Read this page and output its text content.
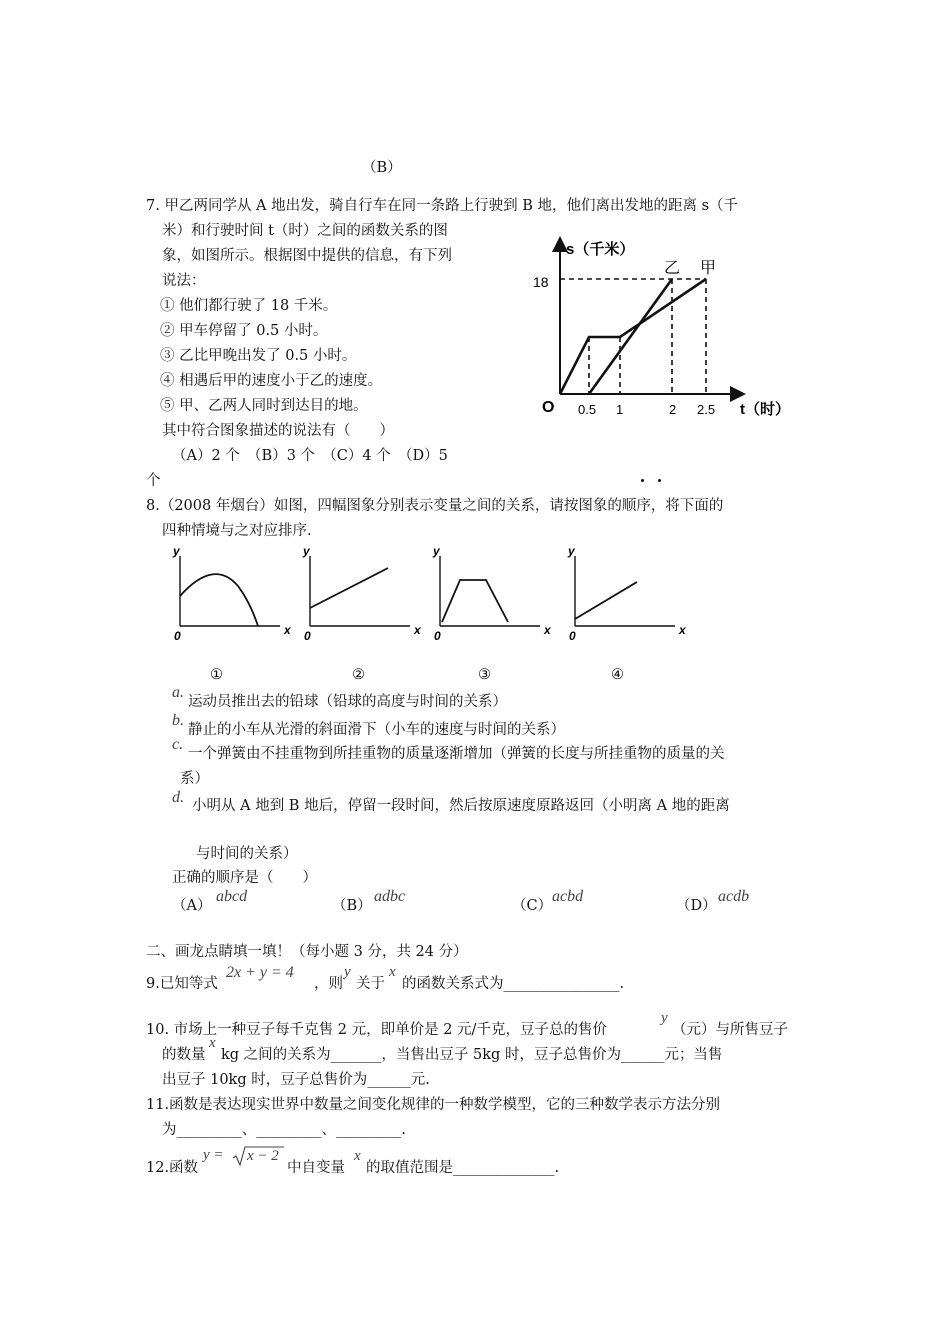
（B）
7. 甲乙两同学从 A 地出发，骑自行车在同一条路上行驶到 B 地，他们离出发地的距离 s（千
米）和行驶时间 t（时）之间的函数关系的图
象，如图所示。根据图中提供的信息，有下列
说法：
① 他们都行驶了 18 千米。
② 甲车停留了 0.5 小时。
③ 乙比甲晚出发了 0.5 小时。
④ 相遇后甲的速度小于乙的速度。
⑤ 甲、乙两人同时到达目的地。
其中符合图象描述的说法有（　　）
（A）2 个　（B）3 个　（C）4 个　（D）5
个
s（千米）
t（时）
O
18
0.5 1	2 2.5
乙 甲
8.（2008 年烟台）如图，四幅图象分别表示变量之间的关系，请按图象的顺序，将下面的
四种情境与之对应排序.
y
x
0
y
x
0
y
x
0
y
x
0
①	②	③	④
a.
运动员推出去的铅球（铅球的高度与时间的关系）
b.
静止的小车从光滑的斜面滑下（小车的速度与时间的关系）
c.
一个弹簧由不挂重物到所挂重物的质量逐渐增加（弹簧的长度与所挂重物的质量的关
系）
d. 小明从 A 地到 B 地后，停留一段时间，然后按原速度原路返回（小明离 A 地的距离
与时间的关系）
正确的顺序是（　　）
（A）
abcd
（B）
adbc
（C）
acbd
（D）
acdb
二、画龙点睛填一填！（每小题 3 分，共 24 分）
9.已知等式
2x + y = 4
，则
y
关于
x
的函数关系式为________________.
10. 市场上一种豆子每千克售 2 元，即单价是 2 元/千克，豆子总的售价
y
（元）与所售豆子
的数量
x
kg 之间的关系为_______，当售出豆子 5kg 时，豆子总售价为______元；当售
出豆子 10kg 时，豆子总售价为______元.
11.函数是表达现实世界中数量之间变化规律的一种数学模型，它的三种数学表示方法分别
为_________、_________、_________.
12.函数
y = x − 2
中自变量
x
的取值范围是______________.
